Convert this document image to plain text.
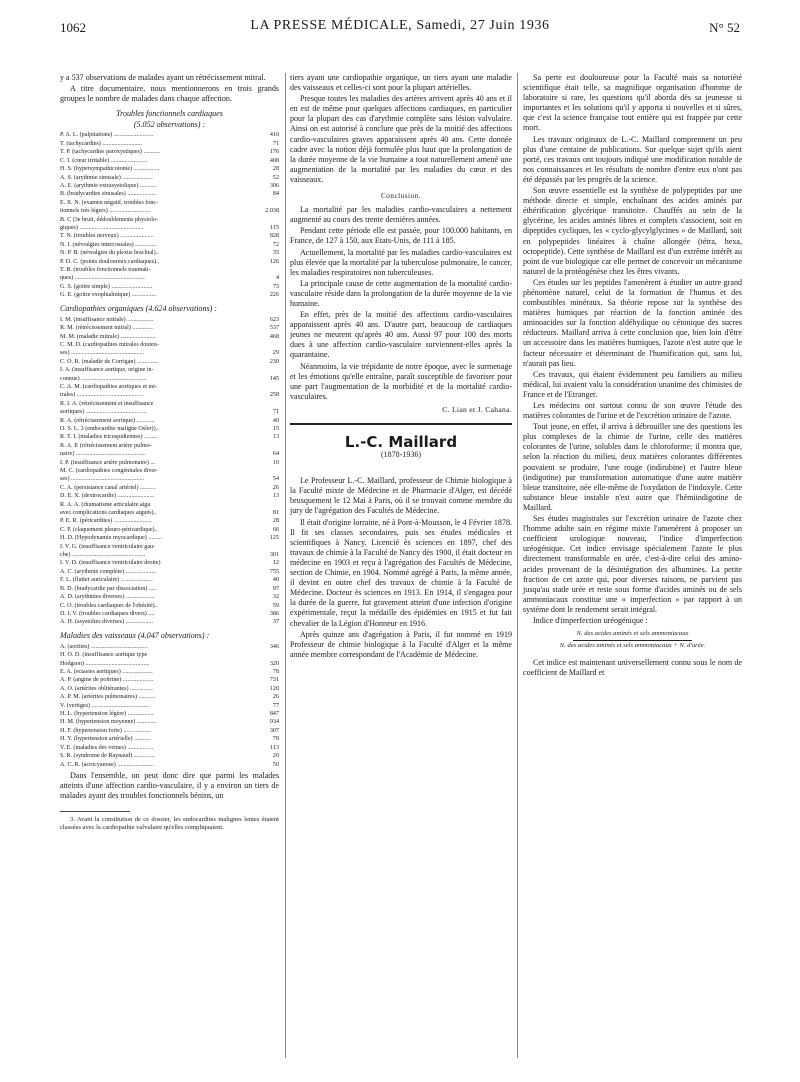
1062	LA PRESSE MÉDICALE, Samedi, 27 Juin 1936	N° 52

y a 537 observations de malades ayant un rétrécissement mitral.

A titre documentaire, nous mentionnerons en trois grands groupes le nombre de malades dans chaque affection.

Troubles fonctionnels cardiaques

(5.052 observations) :

P. A. L. (palpitations) ..........................	410
T. (tachycardies) ..........................	71
T. P. (tachycardies paroxystiques) ...........	176
C. I. (cœur irritable) ........................	408
H. S. (hypersympathicotonie) .................	28
A. S. (arythmie sinusale) ....................	52
A. E. (arythmie extrasystolique) ...........	306
B. (bradycardies sinusales) ...................	84
E. X. N. (examen négatif, troubles fonc-
tionnels très légers) ...........................	2.038
B. C (3e bruit, dédoublements physiolo-
giques) ..........................................	115
T. N. (troubles nerveux) ......................	828
N. I. (névralgies intercostales) ..............	72
N. P. B. (névralgies du plexus brachial)..	35
P. D. C. (points douloureux cardiaques)..	126
T. B. (troubles fonctionnels traumati-
ques) ..............................................	4
G. S. (goitre simple) ...........................	73
G. E. (goitre exophtalmique) ................	226

Cardiopathies organiques (4.624 observations) :

I. M. (insuffisance mitrale) .................	623
R. M. (rétrécissement mitral) ..............	537
M. M. (maladie mitrale) .......................	468
C. M. D. (cardiopathies mitrales douteu-
ses) ................................................	29
C. O. R. (maladie de Corrigan) ..............	230
I. A. (insuffisance aortique, origine in-
connue) ...........................................	145
C. A. M. (cardiopathies aortiques et mi-
trales) ............................................	258
R. I. A. (rétrécissement et insuffisance
aortiques) ........................................	71
R. A. (rétrécissement aortique) ............	49
O. S. L. 3 (endocardite maligne Osler))..	15
R. T. I. (maladies tricuspidiennes) .........	13
R. A. P. (rétrécissement artère pulmo-
naire) ..............................................	64
I. P. (insuffisance artère pulmonaire) ...	10
M. C. (cardiopathies congénitales diver-
ses) ................................................	54
C. A. (persistance canal artériel) ..........	26
D. E. X. (dextrocardie) ........................	13
R. A. A. (rhumatisme articulaire aigu
avec complications cardiaques aiguës)..	81
P. E. R. (péricardites) .........................	28
C. P. (claquement pleuro-péricardique)..	66
H. D. (Hypodynamie myocardique) .........	125
I. V. G. (insuffisance ventriculaire gau-
che) ................................................	301
I. V. D. (insuffisance ventriculaire droite)	12
A. C. (arythmie complète) ....................	755
F. L. (flutter auriculaire) .....................	40
B. D. (bradycardie par dissociation) .....	97
A. D. (arythmies diverses) ...................	32
C. O. (troubles cardiaques de l'obésité)..	59
D. I. V. (troubles cardiaques divers) ....	386
A. H. (asystolies diverses) ..................	37

Maladies des vaisseaux (4.047 observations) :

A. (aortites) .....................................	346
H. O. D. (insuffisance aortique type
Hodgson) ..........................................	320
E. A. (ectasies aortiques) ....................	78
A. P. (angine de poitrine) ....................	731
A. O. (artérites oblitérantes) ...............	120
A. P. M. (artérites pulmonaires) ...........	26
V. (vertiges) ......................................	77
H. L. (hypertension légère) .................	847
H. M. (hypertension moyenne) .............	934
H. F. (hypertension forte) ..................	307
H. Y. (hypertension artérielle) ...........	78
V. E. (maladies des veines) .................	113
S. R. (syndrome de Raynaud) ..............	20
A. C. R. (acrocyanose) ........................	50

Dans l'ensemble, on peut donc dire que parmi les malades atteints d'une affection cardio-vasculaire, il y a environ un tiers de malades ayant des troubles fonctionnels bénins, un

3. Avant la constitution de ce dossier, les endocardites malignes lentes étaient classées avec la cardiopathie valvulaire qu'elles compliquaient.

tiers ayant une cardiopathie organique, un tiers ayant une maladie des vaisseaux et celles-ci sont pour la plupart artérielles.

Presque toutes les maladies des artères arrivent après 40 ans et il en est de même pour quelques affections cardiaques, en particulier pour la plupart des cas d'arythmie complète sans lésion valvulaire. Ainsi on est autorisé à conclure que près de la moitié des affections cardio-vasculaires graves apparaissent après 40 ans. Cette donnée cadre avec la notion déjà formulée plus haut que la prolongation de la durée moyenne de la vie humaine a tout naturellement amené une augmentation de la mortalité par les maladies du cœur et des vaisseaux.

Conclusion.

La mortalité par les maladies cardio-vasculaires a nettement augmenté au cours des trente dernières années.

Pendant cette période elle est passée, pour 100.000 habitants, en France, de 127 à 150, aux Etats-Unis, de 111 à 185.

Actuellement, la mortalité par les maladies cardio-vasculaires est plus élevée que la mortalité par la tuberculose pulmonaire, le cancer, les maladies respiratoires non tuberculeuses.

La principale cause de cette augmentation de la mortalité cardio-vasculaire réside dans la prolongation de la durée moyenne de la vie humaine.

En effet, près de la moitié des affections cardio-vasculaires apparaissent après 40 ans. D'autre part, beaucoup de cardiaques jeunes ne meurent qu'après 40 ans. Aussi 97 pour 100 des morts dues à une affection cardio-vasculaire surviennent-elles après la quarantaine.

Néanmoins, la vie trépidante de notre époque, avec le surmenage et les émotions qu'elle entraîne, paraît susceptible de favoriser pour une part l'augmentation de la morbidité et de la mortalité cardio-vasculaires.

C. Lian et J. Cahana.

L.-C. Maillard

(1878-1936)

Le Professeur L.-C. Maillard, professeur de Chimie biologique à la Faculté mixte de Médecine et de Pharmacie d'Alger, est décédé brusquement le 12 Mai à Paris, où il se trouvait comme membre du jury de l'agrégation des Facultés de Médecine.

Il était d'origine lorraine, né à Pont-à-Mousson, le 4 Février 1878. Il fit ses classes secondaires, puis ses études médicales et scientifiques à Nancy. Licencié ès sciences en 1897, chef des travaux de chimie à la Faculté de Nancy dès 1900, il était docteur en médecine en 1903 et reçu à l'agrégation des Facultés de Médecine, section de Chimie, en 1904. Nommé agrégé à Paris, la même année, il devint en outre chef des travaux de chimie à la Faculté de Médecine. Docteur ès sciences en 1913. En 1914, il s'engagea pour la durée de la guerre, fut gravement atteint d'une infection d'origine expérimentale, reçut la médaille des épidémies en 1915 et fut fait chevalier de la Légion d'Honneur en 1916.

Après quinze ans d'agrégation à Paris, il fut nommé en 1919 Professeur de chimie biologique à la Faculté d'Alger et la même année membre correspondant de l'Académie de Médecine.

Sa perte est douloureuse pour la Faculté mais sa notoriété scientifique était telle, sa magnifique organisation d'homme de laboratoire si rare, les questions qu'il aborda dès sa jeunesse si importantes et les solutions qu'il y apporta si nouvelles et si sûres, que c'est la science française tout entière qui est frappée par cette mort.

Les travaux originaux de L.-C. Maillard comprennent un peu plus d'une centaine de publications. Sur quelque sujet qu'ils aient porté, ces travaux ont toujours indiqué une modification notable de nos connaissances et les résultats de nombre d'entre eux n'ont pas été dépassés par les progrès de la science.

Son œuvre essentielle est la synthèse de polypeptides par une méthode directe et simple, enchaînant des acides aminés par éthérification glycérique transitoire. Chauffés au sein de la glycérine, les acides aminés libres et complets s'associent, soit en dipeptides cycliques, les « cyclo-glycylglycines » de Maillard, soit en polypeptides linéaires à chaîne allongée (tétra, hexa, octopeptide). Cette synthèse de Maillard est d'un extrême intérêt au point de vue biologique car elle permet de concevoir un mécanisme naturel de la protéogénèse chez les êtres vivants.

Ces études sur les peptides l'amenèrent à étudier un autre grand phénomène naturel, celui de la formation de l'humus et des combustibles minéraux. Sa théorie repose sur la synthèse des matières humiques par réaction de la fonction aminée des aminoacides sur la fonction aldéhydique ou cétonique des sucres réducteurs. Maillard arriva à cette conclusion que, bien loin d'être un accessoire dans les matières humiques, l'azote n'est autre que le facteur nécessaire et déterminant de l'humification qui, sans lui, n'aurait pas lieu.

Ces travaux, qui étaient évidemment peu familiers au milieu médical, lui avaient valu la considération unanime des chimistes de France et de l'Etranger.

Les médecins ont surtout connu de son œuvre l'étude des matières colorantes de l'urine et de l'excrétion urinaire de l'azote.

Tout jeune, en effet, il arriva à débrouiller une des questions les plus complexes de la chimie de l'urine, celle des matières colorantes de l'urine, solubles dans le chloroforme; il montra que, selon la réaction du milieu, deux matières colorantes différentes pouvaient se produire, l'une rouge (indirubine) et l'autre bleue (indigotine) par transformation automatique d'une autre matière bleue transitoire, née elle-même de l'oxydation de l'indoxyle. Cette substance bleue instable n'est autre que l'hémiindigotine de Maillard.

Ses études magistrales sur l'excrétion urinaire de l'azote chez l'homme adulte sain en régime mixte l'amenèrent à proposer un coefficient urologique nouveau, l'indice d'imperfection uréogénique. Cet indice envisage spécialement l'azote le plus directement transformable en urée, c'est-à-dire celui des amino-acides provenant de la désintégration des albumines. La petite fraction de cet azote qui, pour diverses raisons, ne parvient pas jusqu'au stade urée et reste sous forme d'acides aminés ou de sels ammoniacaux constitue une « imperfection » par rapport à un système dont le rendement serait intégral.

Indice d'imperfection uréogénique :

N. des acides aminés et sels ammoniacaux
N. des acides aminés et sels ammoniacaux + N. d'urée.

Cet indice est maintenant universellement connu sous le nom de coefficient de Maillard et
